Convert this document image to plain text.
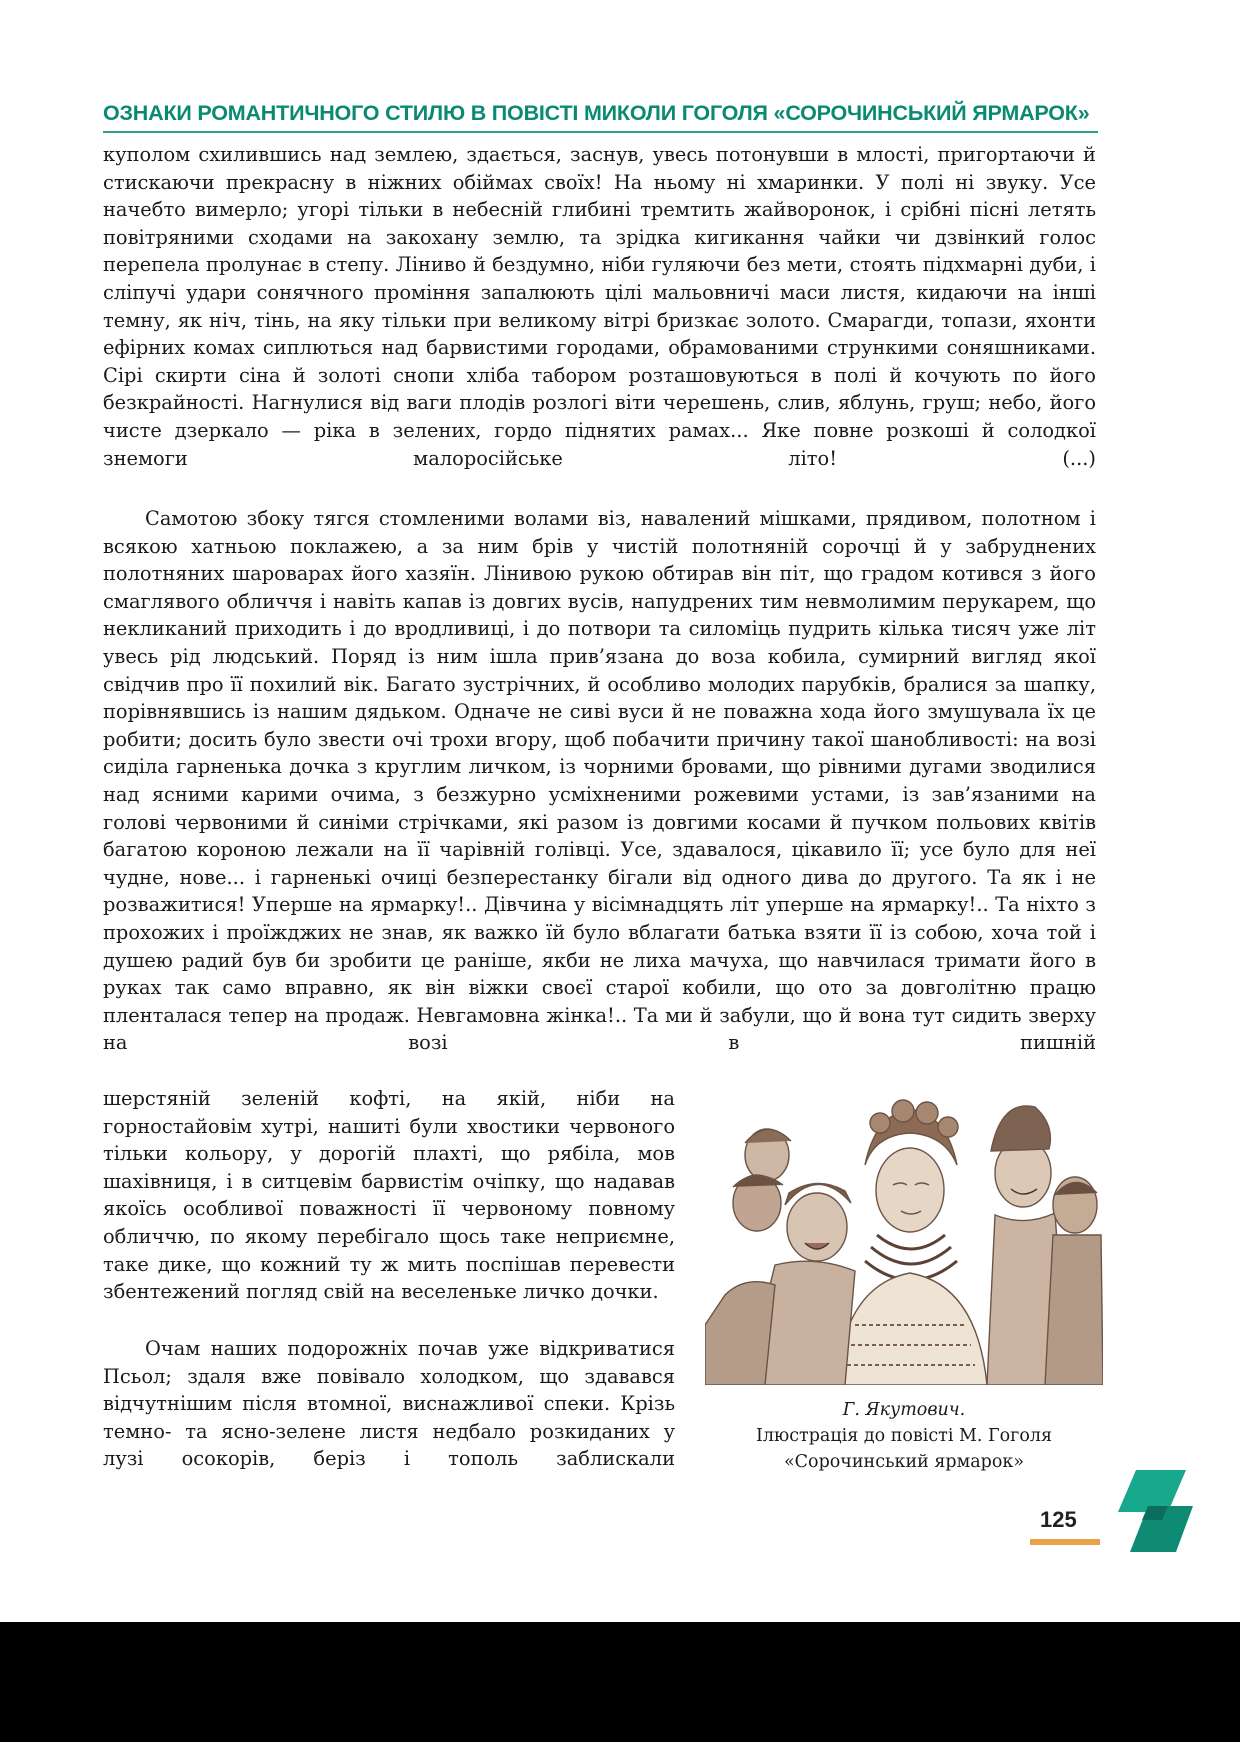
ОЗНАКИ РОМАНТИЧНОГО СТИЛЮ В ПОВІСТІ МИКОЛИ ГОГОЛЯ «СОРОЧИНСЬКИЙ ЯРМАРОК»

куполом схилившись над землею, здається, заснув, увесь потонувши в млості, пригортаючи й стискаючи прекрасну в ніжних обіймах своїх! На ньому ні хмаринки. У полі ні звуку. Усе начебто вимерло; угорі тільки в небесній глибині тремтить жайворонок, і срібні пісні летять повітряними сходами на закохану землю, та зрідка кигикання чайки чи дзвінкий голос перепела пролунає в степу. Ліниво й бездумно, ніби гуляючи без мети, стоять підхмарні дуби, і сліпучі удари сонячного проміння запалюють цілі мальовничі маси листя, кидаючи на інші темну, як ніч, тінь, на яку тільки при великому вітрі бризкає золото. Смарагди, топази, яхонти ефірних комах сиплються над барвистими городами, обрамованими стрункими соняшниками. Сірі скирти сіна й золоті снопи хліба табором розташовуються в полі й кочують по його безкрайності. Нагнулися від ваги плодів розлогі віти черешень, слив, яблунь, груш; небо, його чисте дзеркало — ріка в зелених, гордо піднятих рамах... Яке повне розкоші й солодкої знемоги малоросійське літо! (...)

Самотою збоку тягся стомленими волами віз, навалений мішками, прядивом, полотном і всякою хатньою поклажею, а за ним брів у чистій полотняній сорочці й у забруднених полотняних шароварах його хазяїн. Лінивою рукою обтирав він піт, що градом котився з його смаглявого обличчя і навіть капав із довгих вусів, напудрених тим невмолимим перукарем, що некликаний приходить і до вродливиці, і до потвори та силоміць пудрить кілька тисяч уже літ увесь рід людський. Поряд із ним ішла прив’язана до воза кобила, сумирний вигляд якої свідчив про її похилий вік. Багато зустрічних, й особливо молодих парубків, бралися за шапку, порівнявшись із нашим дядьком. Одначе не сиві вуси й не поважна хода його змушувала їх це робити; досить було звести очі трохи вгору, щоб побачити причину такої шанобливості: на возі сиділа гарненька дочка з круглим личком, із чорними бровами, що рівними дугами зводилися над ясними карими очима, з безжурно усміхненими рожевими устами, із зав’язаними на голові червоними й синіми стрічками, які разом із довгими косами й пучком польових квітів багатою короною лежали на її чарівній голівці. Усе, здавалося, цікавило її; усе було для неї чудне, нове... і гарненькі очиці безперестанку бігали від одного дива до другого. Та як і не розважитися! Уперше на ярмарку!.. Дівчина у вісімнадцять літ уперше на ярмарку!.. Та ніхто з прохожих і проїжджих не знав, як важко їй було вблагати батька взяти її із собою, хоча той і душею радий був би зробити це раніше, якби не лиха мачуха, що навчилася тримати його в руках так само вправно, як він віжки своєї старої кобили, що ото за довголітню працю пленталася тепер на продаж. Невгамовна жінка!.. Та ми й забули, що й вона тут сидить зверху на возі в пишній

шерстяній зеленій кофті, на якій, ніби на горностайовім хутрі, нашиті були хвостики червоного тільки кольору, у дорогій плахті, що рябіла, мов шахівниця, і в ситцевім барвистім очіпку, що надавав якоїсь особливої поважності її червоному повному обличчю, по якому перебігало щось таке неприємне, таке дике, що кожний ту ж мить поспішав перевести збентежений погляд свій на веселеньке личко дочки.

Очам наших подорожніх почав уже відкриватися Псьол; здаля вже повівало холодком, що здавався відчутнішим після втомної, виснажливої спеки. Крізь темно- та ясно-зелене листя недбало розкиданих у лузі осокорів, беріз і тополь заблискали

Г. Якутович.
Ілюстрація до повісті М. Гоголя
«Сорочинський ярмарок»
125
